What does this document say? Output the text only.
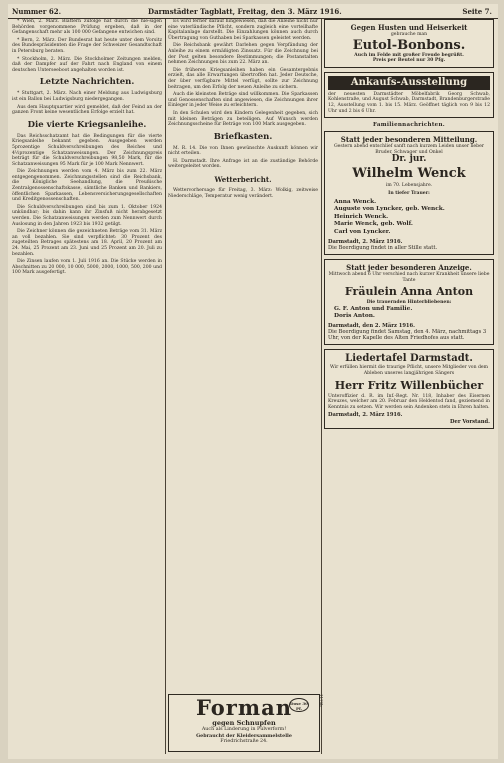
Nummer 62.	Darmstädter Tagblatt, Freitag, den 3. März 1916.	Seite 7.

* Wien, 2. März. Blättern zufolge hat durch die hie-sigen Behörden vorgenommene Prüfung ergeben, daß in der Gefangenschaft mehr als 100 000 Gefangene entwichen sind.

* Bern, 2. März. Der Bundesrat hat heute unter dem Vorsitz des Bundespräsidenten die Frage der Schweizer Gesandtschaft in Petersburg beraten.

* Stockholm, 2. März. Die Stockholmer Zeitungen melden, daß der Dampfer auf der Fahrt nach England von einem deutschen Unterseeboot angehalten worden ist.

Letzte Nachrichten.

* Stuttgart, 2. März. Nach einer Meldung aus Ludwigsburg ist ein Ballon bei Ludwigsburg niedergegangen.

Aus dem Hauptquartier wird gemeldet, daß der Feind an der ganzen Front keine wesentlichen Erfolge erzielt hat.

Die vierte Kriegsanleihe.

Das Reichsschatzamt hat die Bedingungen für die vierte Kriegsanleihe bekannt gegeben. Ausgegeben werden 5prozentige Schuldverschreibungen des Reiches und 4½prozentige Schatzanweisungen. Der Zeichnungspreis beträgt für die Schuldverschreibungen 98,50 Mark, für die Schatzanweisungen 95 Mark für je 100 Mark Nennwert.

Die Zeichnungen werden vom 4. März bis zum 22. März entgegengenommen. Zeichnungsstellen sind die Reichsbank, die Königliche Seehandlung, die Preußische Zentralgenossenschaftskasse, sämtliche Banken und Bankiers, öffentlichen Sparkassen, Lebensversicherungsgesellschaften und Kreditgenossenschaften.

Die Schuldverschreibungen sind bis zum 1. Oktober 1924 unkündbar; bis dahin kann ihr Zinsfuß nicht herabgesetzt werden. Die Schatzanweisungen werden zum Nennwert durch Auslosung in den Jahren 1923 bis 1932 getilgt.

Die Zeichner können die gezeichneten Beträge vom 31. März an voll bezahlen. Sie sind verpflichtet: 30 Prozent des zugeteilten Betrages spätestens am 18. April, 20 Prozent am 24. Mai, 25 Prozent am 23. Juni und 25 Prozent am 20. Juli zu bezahlen.

Die Zinsen laufen vom 1. Juli 1916 an. Die Stücke werden in Abschnitten zu 20 000, 10 000, 5000, 2000, 1000, 500, 200 und 100 Mark ausgefertigt.

Es wird ferner darauf hingewiesen, daß die Anleihe nicht nur eine vaterländische Pflicht, sondern zugleich eine vorteilhafte Kapitalanlage darstellt. Die Einzahlungen können auch durch Übertragung von Guthaben bei Sparkassen geleistet werden.

Die Reichsbank gewährt Darlehen gegen Verpfändung der Anleihe zu einem ermäßigten Zinssatz. Für die Zeichnung bei der Post gelten besondere Bestimmungen; die Postanstalten nehmen Zeichnungen bis zum 22. März an.

Die früheren Kriegsanleihen haben ein Gesamtergebnis erzielt, das alle Erwartungen übertroffen hat. Jeder Deutsche, der über verfügbare Mittel verfügt, sollte zur Zeichnung beitragen, um den Erfolg der neuen Anleihe zu sichern.

Auch die kleinsten Beträge sind willkommen. Die Sparkassen und Genossenschaften sind angewiesen, die Zeichnungen ihrer Einleger in jeder Weise zu erleichtern.

In den Schulen wird den Kindern Gelegenheit gegeben, sich mit kleinen Beträgen zu beteiligen. Auf Wunsch werden Zeichnungsscheine für Beträge von 100 Mark ausgegeben.

Briefkasten.

M. R. 14. Die von Ihnen gewünschte Auskunft können wir nicht erteilen.

H. Darmstadt. Ihre Anfrage ist an die zuständige Behörde weitergeleitet worden.

Wetterbericht.

Wettervorhersage für Freitag, 3. März: Wolkig, zeitweise Niederschläge, Temperatur wenig verändert.

Forman
gegen Schnupfen
Auch als Linderung in Pulverform!
Gebraucht der Kleidersammelstelle
Friedrichstraße 24.
Dose 30 Pf.
1175b
Gegen Husten und Heiserkeit
gebrauche man
Eutol-Bonbons.
Auch im Felde mit großer Freude begrüßt.
Preis per Beutel nur 30 Pfg.
Ankaufs-Ausstellung
der neuesten Darmstädter Möbelfabrik Georg Schwab, Kohlenstraße, und August Schwab, Darmstadt, Brandenburgerstraße 12, Ausstellung vom 1. bis 15. März. Geöffnet täglich von 9 bis 12 Uhr und 2 bis 6 Uhr.
Familiennachrichten.
Statt jeder besonderen Mitteilung.
Gestern abend entschlief sanft nach kurzem Leiden unser lieber Bruder, Schwager und Onkel
Dr. jur.
Wilhelm Wenck
im 70. Lebensjahre.
In tiefer Trauer:
Anna Wenck.
Auguste von Lyncker, geb. Wenck.
Heinrich Wenck.
Marie Wenck, geb. Wolf.
Carl von Lyncker.
Darmstadt, 2. März 1916.
Die Beerdigung findet in aller Stille statt.
Statt jeder besonderen Anzeige.
Mittwoch abend 6 Uhr verschied nach kurzer Krankheit unsere liebe Tante
Fräulein Anna Anton
Die trauernden Hinterbliebenen:
G. F. Anton und Familie.
Doris Anton.
Darmstadt, den 2. März 1916.
Die Beerdigung findet Samstag, den 4. März, nachmittags 3 Uhr, von der Kapelle des Alten Friedhofes aus statt.
Liedertafel Darmstadt.
Wir erfüllen hiermit die traurige Pflicht, unsere Mitglieder von dem Ableben unseres langjährigen Sängers
Herr Fritz Willenbücher
Unteroffizier d. R. im Inf.-Regt. Nr. 118, Inhaber des Eisernen Kreuzes, welcher am 20. Februar den Heldentod fand, geziemend in Kenntnis zu setzen. Wir werden sein Andenken stets in Ehren halten.
Darmstadt, 2. März 1916.
Der Vorstand.
